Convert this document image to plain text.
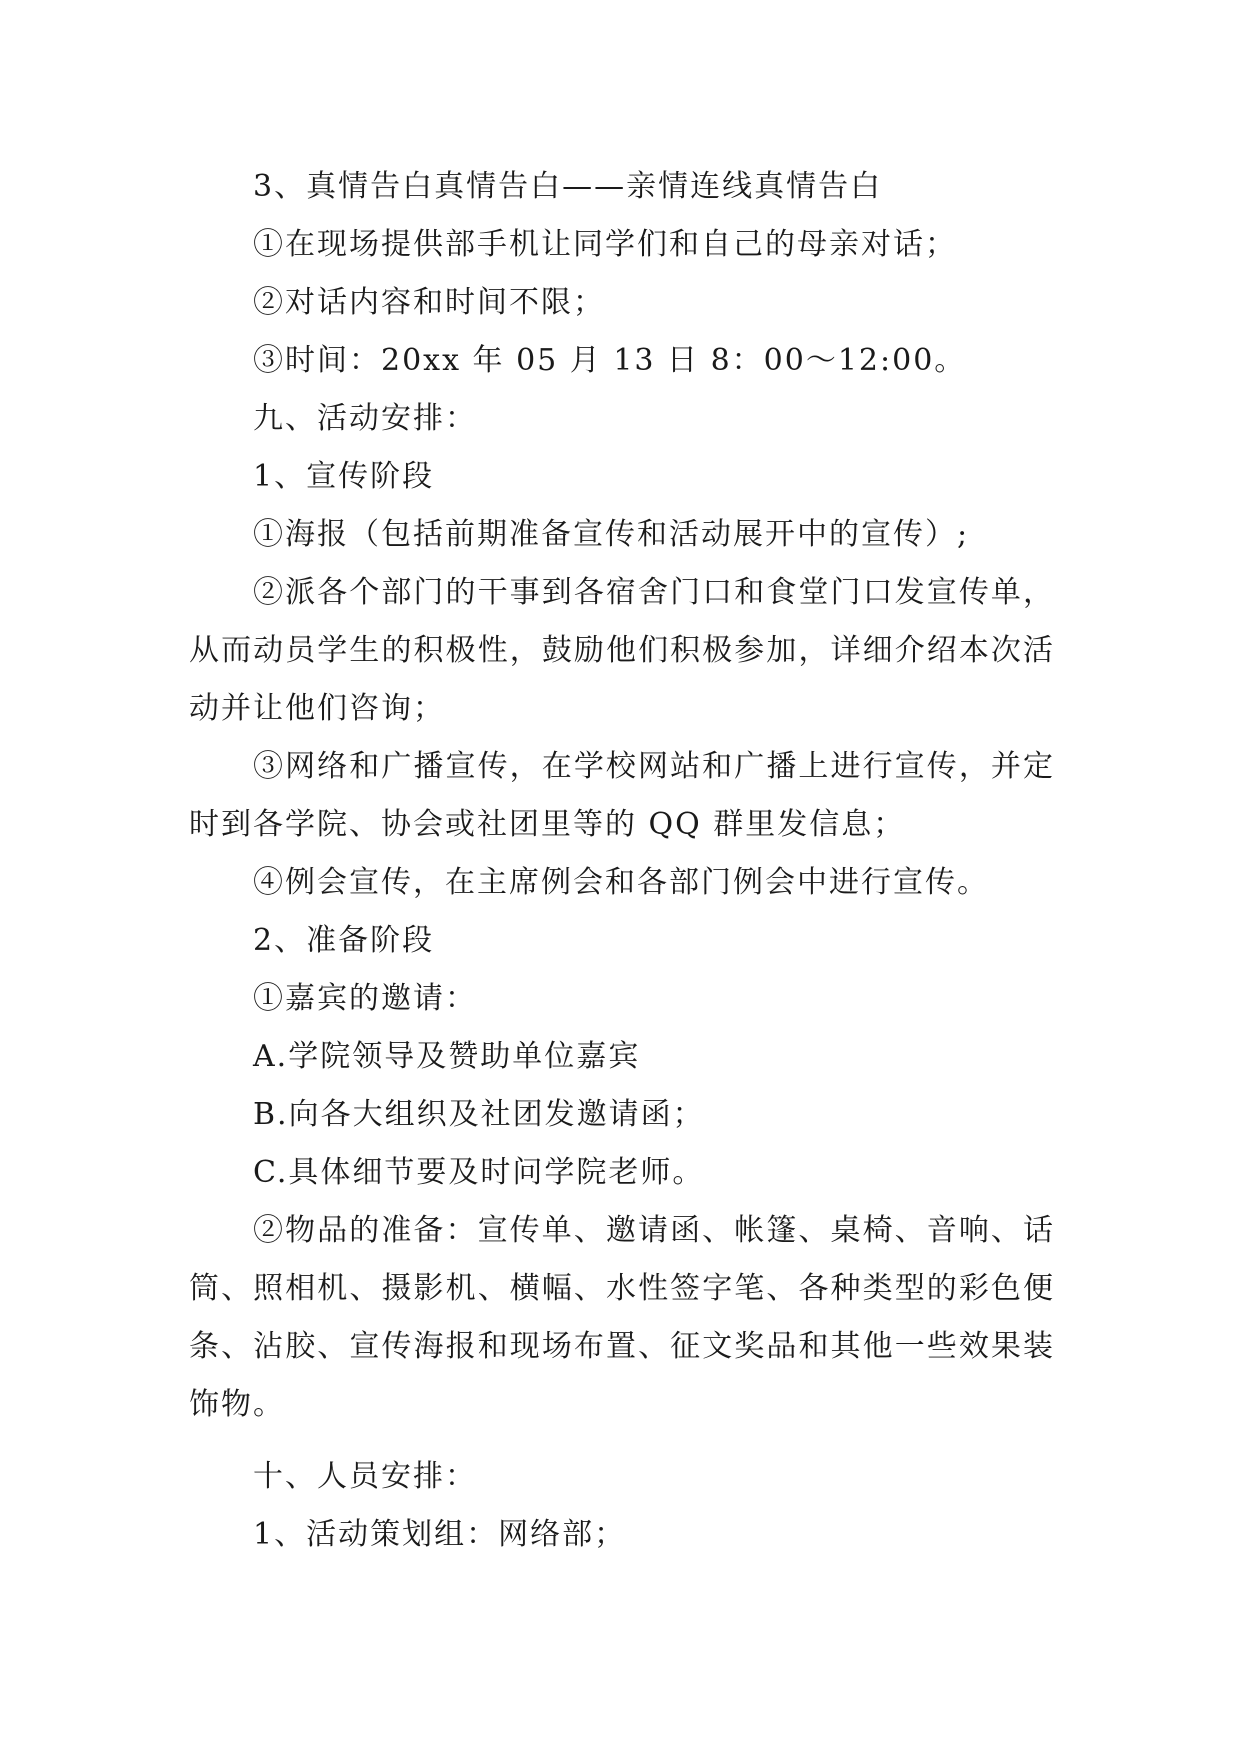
3、真情告白真情告白——亲情连线真情告白
①在现场提供部手机让同学们和自己的母亲对话；
②对话内容和时间不限；
③时间：20xx 年 05 月 13 日 8：00～12:00。
九、活动安排：
1、宣传阶段
①海报（包括前期准备宣传和活动展开中的宣传）;
②派各个部门的干事到各宿舍门口和食堂门口发宣传单，从而动员学生的积极性，鼓励他们积极参加，详细介绍本次活动并让他们咨询；
③网络和广播宣传，在学校网站和广播上进行宣传，并定时到各学院、协会或社团里等的 QQ 群里发信息；
④例会宣传，在主席例会和各部门例会中进行宣传。
2、准备阶段
①嘉宾的邀请：
A.学院领导及赞助单位嘉宾
B.向各大组织及社团发邀请函；
C.具体细节要及时问学院老师。
②物品的准备：宣传单、邀请函、帐篷、桌椅、音响、话筒、照相机、摄影机、横幅、水性签字笔、各种类型的彩色便条、沾胶、宣传海报和现场布置、征文奖品和其他一些效果装饰物。
十、人员安排：
1、活动策划组：网络部；
